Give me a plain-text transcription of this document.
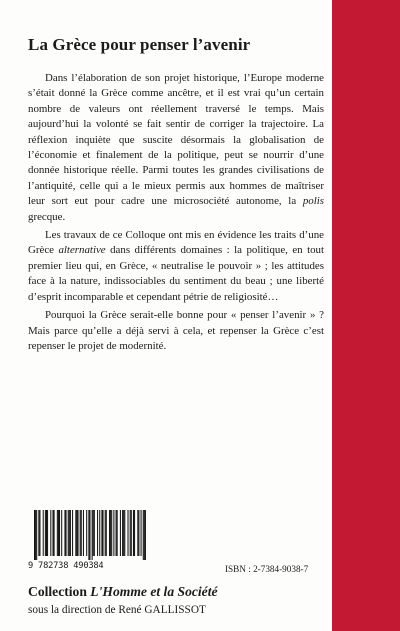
La Grèce pour penser l’avenir

Dans l’élaboration de son projet historique, l’Europe moderne s’était donné la Grèce comme ancêtre, et il est vrai qu’un certain nombre de valeurs ont réellement traversé le temps. Mais aujourd’hui la volonté se fait sentir de corriger la trajectoire. La réflexion inquiète que suscite désormais la globalisation de l’économie et finalement de la politique, peut se nourrir d’une donnée historique réelle. Parmi toutes les grandes civilisations de l’antiquité, celle qui a le mieux permis aux hommes de maîtriser leur sort eut pour cadre une microsociété autonome, la polis grecque.

Les travaux de ce Colloque ont mis en évidence les traits d’une Grèce alternative dans différents domaines : la politique, en tout premier lieu qui, en Grèce, « neutralise le pouvoir » ; les attitudes face à la nature, indissociables du sentiment du beau ; une liberté d’esprit incomparable et cependant pétrie de religiosité…

Pourquoi la Grèce serait-elle bonne pour « penser l’avenir » ? Mais parce qu’elle a déjà servi à cela, et repenser la Grèce c’est repenser le projet de modernité.

9 782738 490384	ISBN : 2-7384-9038-7
Collection L'Homme et la Société
sous la direction de René GALLISSOT
